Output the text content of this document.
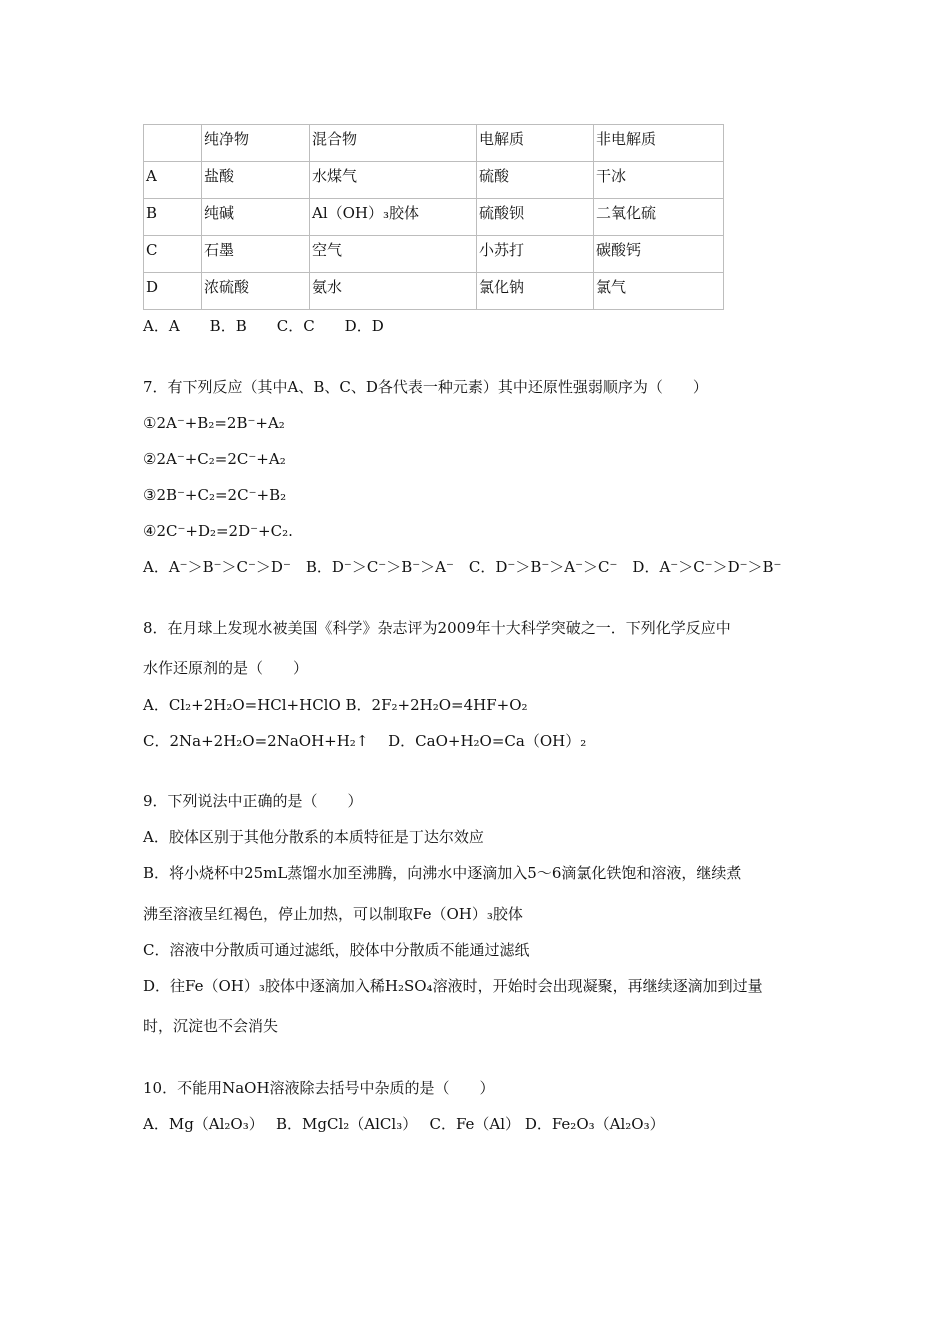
	纯净物	混合物	电解质	非电解质
A	盐酸	水煤气	硫酸	干冰
B	纯碱	Al（OH）₃胶体	硫酸钡	二氧化硫
C	石墨	空气	小苏打	碳酸钙
D	浓硫酸	氨水	氯化钠	氯气
A．A　　B．B　　C．C　　D．D
7．有下列反应（其中A、B、C、D各代表一种元素）其中还原性强弱顺序为（　　）
①2A⁻+B₂=2B⁻+A₂
②2A⁻+C₂=2C⁻+A₂
③2B⁻+C₂=2C⁻+B₂
④2C⁻+D₂=2D⁻+C₂.
A．A⁻＞B⁻＞C⁻＞D⁻　B．D⁻＞C⁻＞B⁻＞A⁻　C．D⁻＞B⁻＞A⁻＞C⁻　D．A⁻＞C⁻＞D⁻＞B⁻
8．在月球上发现水被美国《科学》杂志评为2009年十大科学突破之一．下列化学反应中
水作还原剂的是（　　）
A．Cl₂+2H₂O=HCl+HClO B．2F₂+2H₂O=4HF+O₂
C．2Na+2H₂O=2NaOH+H₂↑　 D．CaO+H₂O=Ca（OH）₂
9．下列说法中正确的是（　　）
A．胶体区别于其他分散系的本质特征是丁达尔效应
B．将小烧杯中25mL蒸馏水加至沸腾，向沸水中逐滴加入5～6滴氯化铁饱和溶液，继续煮
沸至溶液呈红褐色，停止加热，可以制取Fe（OH）₃胶体
C．溶液中分散质可通过滤纸，胶体中分散质不能通过滤纸
D．往Fe（OH）₃胶体中逐滴加入稀H₂SO₄溶液时，开始时会出现凝聚，再继续逐滴加到过量
时，沉淀也不会消失
10．不能用NaOH溶液除去括号中杂质的是（　　）
A．Mg（Al₂O₃）　 B．MgCl₂（AlCl₃）　 C．Fe（Al） D．Fe₂O₃（Al₂O₃）
